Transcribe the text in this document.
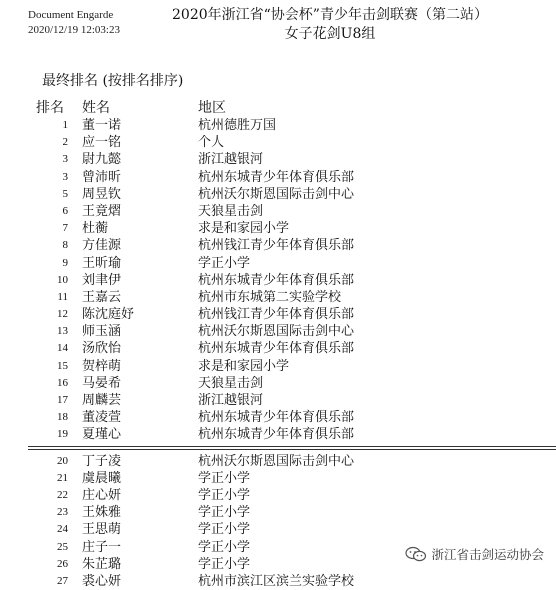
Document Engarde
2020/12/19 12:03:23
2020年浙江省“协会杯”青少年击剑联赛（第二站）
女子花剑U8组
最终排名 (按排名排序)
排名 姓名	地区
1 董一诺	杭州德胜万国
2 应一铭	个人
3 尉九懿	浙江越银河
3 曾沛昕	杭州东城青少年体育俱乐部
5 周昱钦	杭州沃尔斯恩国际击剑中心
6 王竟熠	天狼星击剑
7 杜蘅	求是和家园小学
8 方佳源	杭州钱江青少年体育俱乐部
9 王昕瑜	学正小学
10 刘聿伊	杭州东城青少年体育俱乐部
11 王嘉云	杭州市东城第二实验学校
12 陈沈庭妤	杭州钱江青少年体育俱乐部
13 师玉涵	杭州沃尔斯恩国际击剑中心
14 汤欣怡	杭州东城青少年体育俱乐部
15 贺梓萌	求是和家园小学
16 马晏希	天狼星击剑
17 周麟芸	浙江越银河
18 董凌萱	杭州东城青少年体育俱乐部
19 夏瑾心	杭州东城青少年体育俱乐部
20 丁子凌	杭州沃尔斯恩国际击剑中心
21 虞晨曦	学正小学
22 庄心妍	学正小学
23 王姝雅	学正小学
24 王思萌	学正小学
25 庄子一	学正小学
26 朱芷璐	学正小学
27 裘心妍	杭州市滨江区滨兰实验学校
浙江省击剑运动协会
